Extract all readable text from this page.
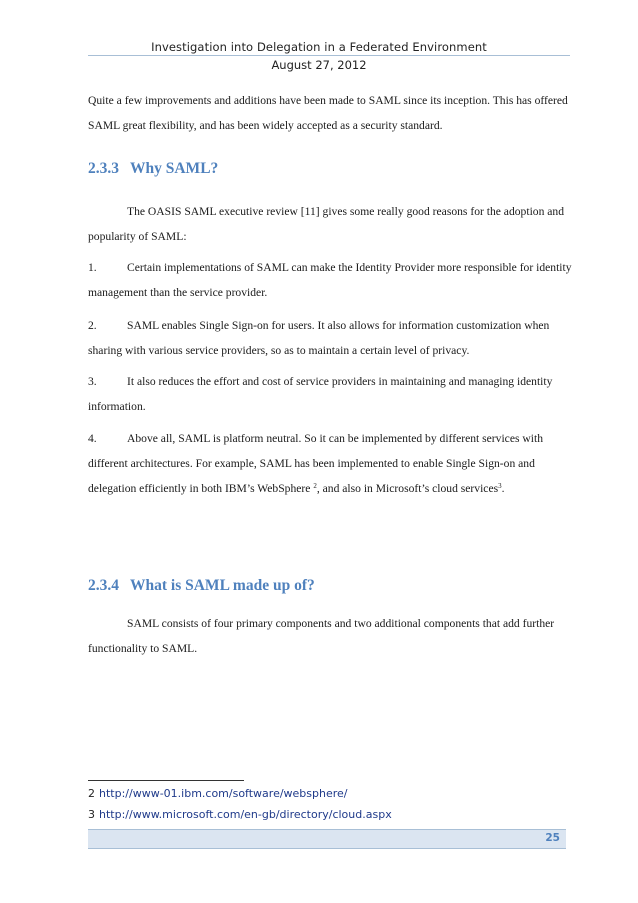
Investigation into Delegation in a Federated Environment
August 27, 2012

Quite a few improvements and additions have been made to SAML since its inception. This has offered SAML great flexibility, and has been widely accepted as a security standard.

2.3.3 Why SAML?

The OASIS SAML executive review [11] gives some really good reasons for the adoption and popularity of SAML:

1.	Certain implementations of SAML can make the Identity Provider more responsible for identity management than the service provider.

2.	SAML enables Single Sign-on for users. It also allows for information customization when sharing with various service providers, so as to maintain a certain level of privacy.

3.	It also reduces the effort and cost of service providers in maintaining and managing identity information.

4.	Above all, SAML is platform neutral. So it can be implemented by different services with different architectures. For example, SAML has been implemented to enable Single Sign-on and delegation efficiently in both IBM’s WebSphere $^2$, and also in Microsoft’s cloud services$^3$.

2.3.4 What is SAML made up of?

SAML consists of four primary components and two additional components that add further functionality to SAML.

2 http://www-01.ibm.com/software/websphere/
3 http://www.microsoft.com/en-gb/directory/cloud.aspx
25
